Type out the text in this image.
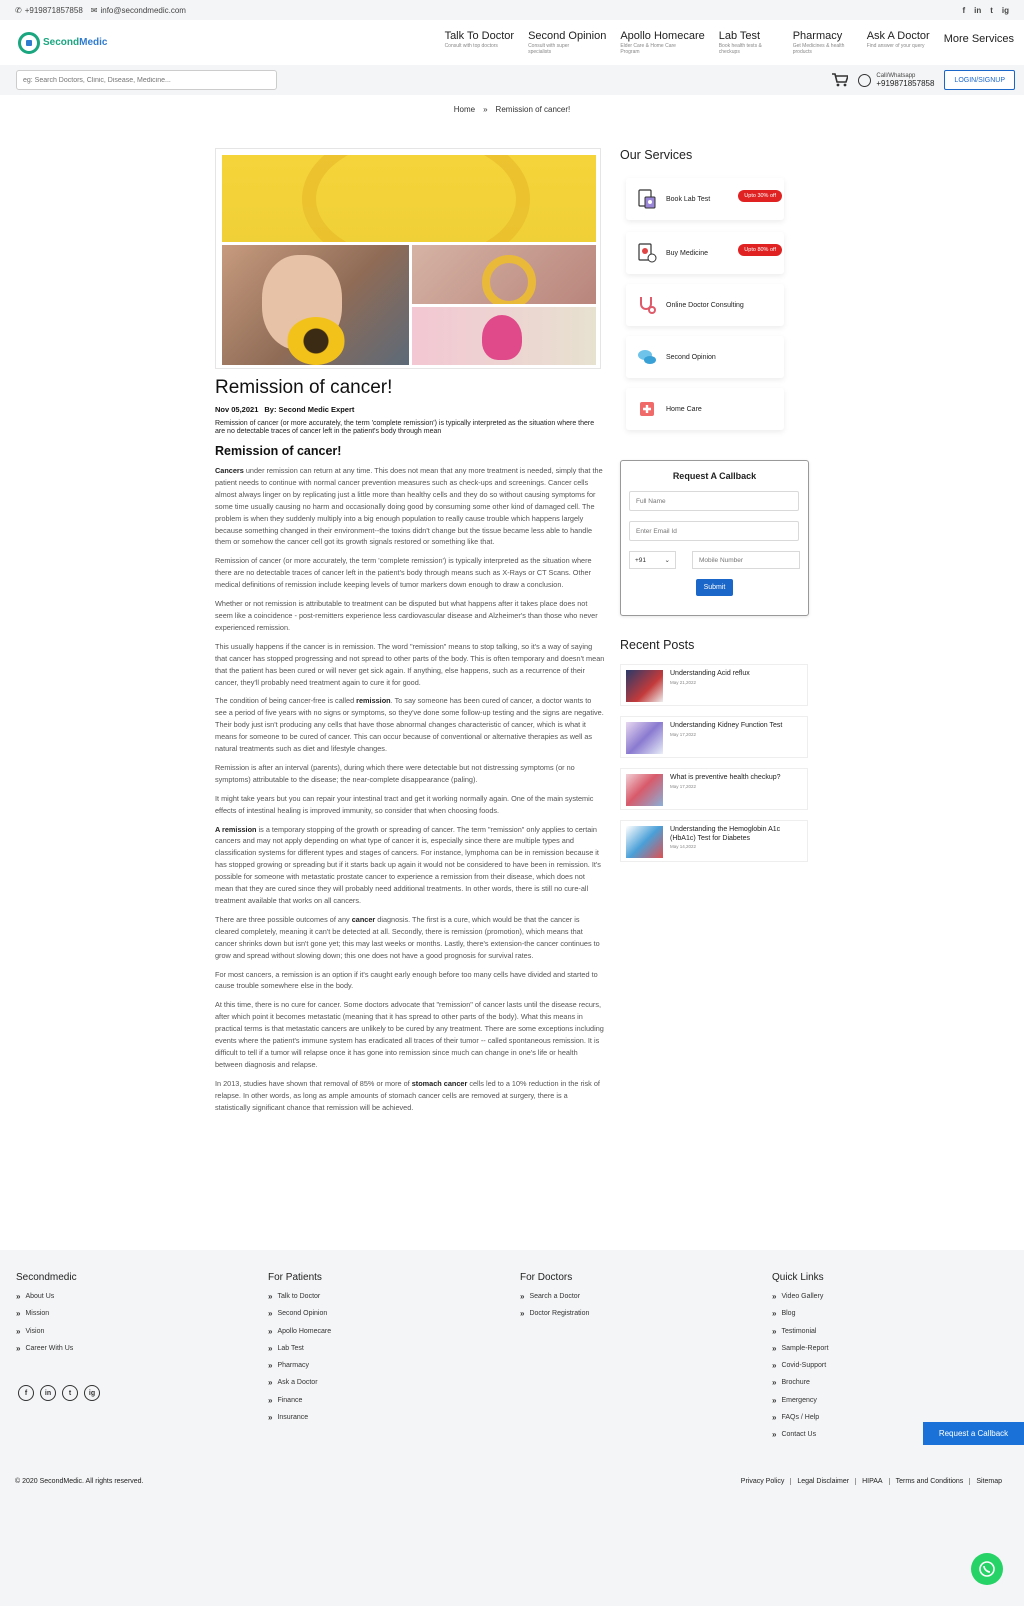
✆ +919871857858 ✉ info@secondmedic.com	f in t ig
SecondMedic
Talk To Doctor
Consult with top doctors
Second Opinion
Consult with super specialists
Apollo Homecare
Elder Care & Home Care Program
Lab Test
Book health tests & checkups
Pharmacy
Get Medicines & health products
Ask A Doctor
Find answer of your query
More Services
eg: Search Doctors, Clinic, Disease, Medicine...
Call/Whatsapp
+919871857858	LOGIN/SIGNUP
Home » Remission of cancer!
Remission of cancer!
Nov 05,2021 By: Second Medic Expert

Remission of cancer (or more accurately, the term 'complete remission') is typically interpreted as the situation where there are no detectable traces of cancer left in the patient's body through mean

Remission of cancer!

Cancers under remission can return at any time. This does not mean that any more treatment is needed, simply that the patient needs to continue with normal cancer prevention measures such as check-ups and screenings. Cancer cells almost always linger on by replicating just a little more than healthy cells and they do so without causing symptoms for some time usually causing no harm and occasionally doing good by consuming some other kind of damaged cell. The problem is when they suddenly multiply into a big enough population to really cause trouble which happens largely because something changed in their environment--the toxins didn't change but the tissue became less able to handle them or somehow the cancer cell got its growth signals restored or something like that.

Remission of cancer (or more accurately, the term 'complete remission') is typically interpreted as the situation where there are no detectable traces of cancer left in the patient's body through means such as X-Rays or CT Scans. Other medical definitions of remission include keeping levels of tumor markers down enough to draw a conclusion.

Whether or not remission is attributable to treatment can be disputed but what happens after it takes place does not seem like a coincidence - post-remitters experience less cardiovascular disease and Alzheimer's than those who never experienced remission.

This usually happens if the cancer is in remission. The word "remission" means to stop talking, so it's a way of saying that cancer has stopped progressing and not spread to other parts of the body. This is often temporary and doesn't mean that the patient has been cured or will never get sick again. If anything, else happens, such as a recurrence of their cancer, they'll probably need treatment again to cure it for good.

The condition of being cancer-free is called remission. To say someone has been cured of cancer, a doctor wants to see a period of five years with no signs or symptoms, so they've done some follow-up testing and the signs are negative. Their body just isn't producing any cells that have those abnormal changes characteristic of cancer, which is what it means for someone to be cured of cancer. This can occur because of conventional or alternative therapies as well as natural treatments such as diet and lifestyle changes.

Remission is after an interval (parents), during which there were detectable but not distressing symptoms (or no symptoms) attributable to the disease; the near-complete disappearance (paling).

It might take years but you can repair your intestinal tract and get it working normally again. One of the main systemic effects of intestinal healing is improved immunity, so consider that when choosing foods.

A remission is a temporary stopping of the growth or spreading of cancer. The term "remission" only applies to certain cancers and may not apply depending on what type of cancer it is, especially since there are multiple types and classification systems for different types and stages of cancers. For instance, lymphoma can be in remission because it has stopped growing or spreading but if it starts back up again it would not be considered to have been in remission. It's possible for someone with metastatic prostate cancer to experience a remission from their disease, which does not mean that they are cured since they will probably need additional treatments. In other words, there is still no cure-all treatment available that works on all cancers.

There are three possible outcomes of any cancer diagnosis. The first is a cure, which would be that the cancer is cleared completely, meaning it can't be detected at all. Secondly, there is remission (promotion), which means that cancer shrinks down but isn't gone yet; this may last weeks or months. Lastly, there's extension-the cancer continues to grow and spread without slowing down; this one does not have a good prognosis for survival rates.

For most cancers, a remission is an option if it's caught early enough before too many cells have divided and started to cause trouble somewhere else in the body.

At this time, there is no cure for cancer. Some doctors advocate that "remission" of cancer lasts until the disease recurs, after which point it becomes metastatic (meaning that it has spread to other parts of the body). What this means in practical terms is that metastatic cancers are unlikely to be cured by any treatment. There are some exceptions including events where the patient's immune system has eradicated all traces of their tumor -- called spontaneous remission. It is difficult to tell if a tumor will relapse once it has gone into remission since much can change in one's life or health between diagnosis and relapse.

In 2013, studies have shown that removal of 85% or more of stomach cancer cells led to a 10% reduction in the risk of relapse. In other words, as long as ample amounts of stomach cancer cells are removed at surgery, there is a statistically significant chance that remission will be achieved.

Our Services
Book Lab Test	Upto 30% off
Buy Medicine	Upto 80% off
Online Doctor Consulting
Second Opinion
Home Care
Request A Callback
Full Name
Enter Email Id
+91	⌄
Mobile Number
Submit
Recent Posts
Understanding Acid reflux
May 21,2022
Understanding Kidney Function Test
May 17,2022
What is preventive health checkup?
May 17,2022
Understanding the Hemoglobin A1c (HbA1c) Test for Diabetes
May 14,2022
Secondmedic
» About Us
» Mission
» Vision
» Career With Us
f	in	t	ig
For Patients
» Talk to Doctor
» Second Opinion
» Apollo Homecare
» Lab Test
» Pharmacy
» Ask a Doctor
» Finance
» Insurance
For Doctors
» Search a Doctor
» Doctor Registration
Quick Links
» Video Gallery
» Blog
» Testimonial
» Sample-Report
» Covid-Support
» Brochure
» Emergency
» FAQs / Help
» Contact Us
© 2020 SecondMedic. All rights reserved.	Privacy Policy	Legal Disclaimer	HIPAA	Terms and Conditions	Sitemap
Request a Callback
